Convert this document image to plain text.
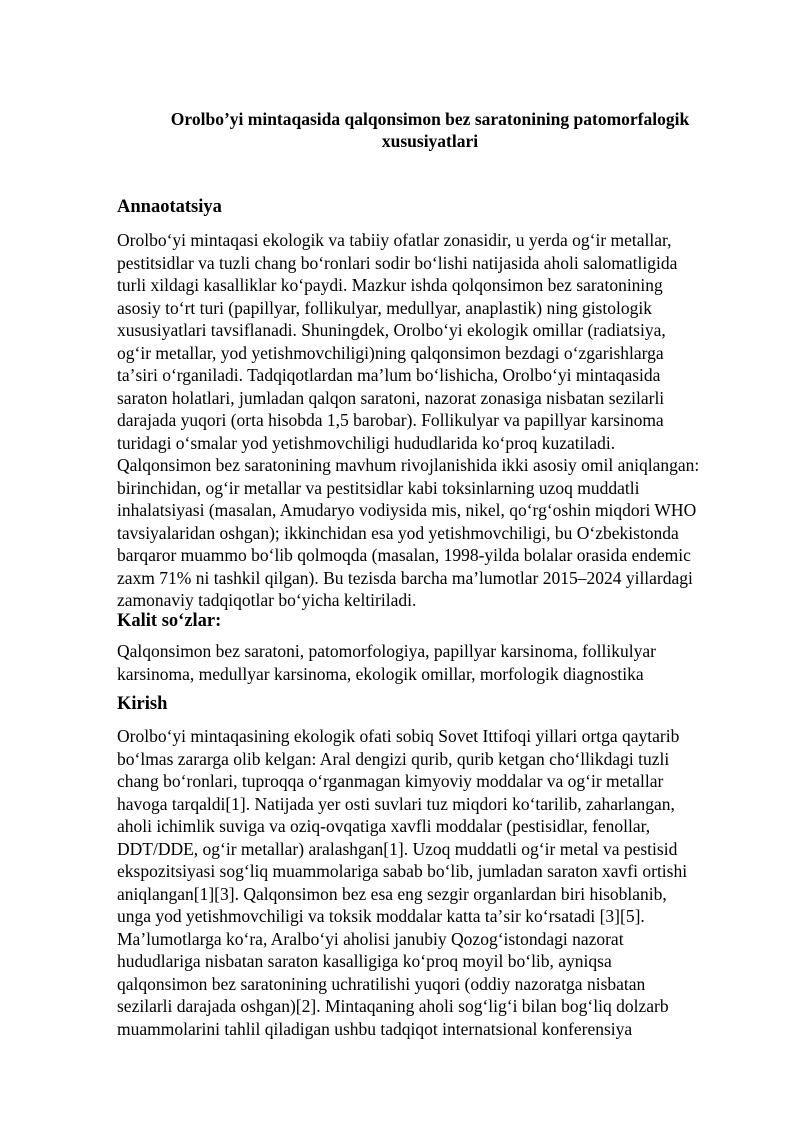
Orolbo’yi mintaqasida qalqonsimon bez saratonining patomorfalogik
xususiyatlari
Annaotatsiya
Orolboʻyi mintaqasi ekologik va tabiiy ofatlar zonasidir, u yerda ogʻir metallar,
pestitsidlar va tuzli chang boʻronlari sodir boʻlishi natijasida aholi salomatligida
turli xildagi kasalliklar koʻpaydi. Mazkur ishda qolqonsimon bez saratonining
asosiy toʻrt turi (papillyar, follikulyar, medullyar, anaplastik) ning gistologik
xususiyatlari tavsiflanadi. Shuningdek, Orolboʻyi ekologik omillar (radiatsiya,
ogʻir metallar, yod yetishmovchiligi)ning qalqonsimon bezdagi oʻzgarishlarga
taʼsiri oʻrganiladi. Tadqiqotlardan maʼlum boʻlishicha, Orolboʻyi mintaqasida
saraton holatlari, jumladan qalqon saratoni, nazorat zonasiga nisbatan sezilarli
darajada yuqori (orta hisobda 1,5 barobar). Follikulyar va papillyar karsinoma
turidagi oʻsmalar yod yetishmovchiligi hududlarida koʻproq kuzatiladi.
Qalqonsimon bez saratonining mavhum rivojlanishida ikki asosiy omil aniqlangan:
birinchidan, ogʻir metallar va pestitsidlar kabi toksinlarning uzoq muddatli
inhalatsiyasi (masalan, Amudaryo vodiysida mis, nikel, qoʻrgʻoshin miqdori WHO
tavsiyalaridan oshgan); ikkinchidan esa yod yetishmovchiligi, bu Oʻzbekistonda
barqaror muammo boʻlib qolmoqda (masalan, 1998-yilda bolalar orasida endemic
zaxm 71% ni tashkil qilgan). Bu tezisda barcha maʼlumotlar 2015–2024 yillardagi
zamonaviy tadqiqotlar boʻyicha keltiriladi.
Kalit soʻzlar:
Qalqonsimon bez saratoni, patomorfologiya, papillyar karsinoma, follikulyar
karsinoma, medullyar karsinoma, ekologik omillar, morfologik diagnostika
Kirish
Orolboʻyi mintaqasining ekologik ofati sobiq Sovet Ittifoqi yillari ortga qaytarib
boʻlmas zararga olib kelgan: Aral dengizi qurib, qurib ketgan choʻllikdagi tuzli
chang boʻronlari, tuproqqa oʻrganmagan kimyoviy moddalar va ogʻir metallar
havoga tarqaldi[1]. Natijada yer osti suvlari tuz miqdori koʻtarilib, zaharlangan,
aholi ichimlik suviga va oziq-ovqatiga xavfli moddalar (pestisidlar, fenollar,
DDT/DDE, ogʻir metallar) aralashgan[1]. Uzoq muddatli ogʻir metal va pestisid
ekspozitsiyasi sogʻliq muammolariga sabab boʻlib, jumladan saraton xavfi ortishi
aniqlangan[1][3]. Qalqonsimon bez esa eng sezgir organlardan biri hisoblanib,
unga yod yetishmovchiligi va toksik moddalar katta taʼsir koʻrsatadi [3][5].
Maʼlumotlarga koʻra, Aralboʻyi aholisi janubiy Qozogʻistondagi nazorat
hududlariga nisbatan saraton kasalligiga koʻproq moyil boʻlib, ayniqsa
qalqonsimon bez saratonining uchratilishi yuqori (oddiy nazoratga nisbatan
sezilarli darajada oshgan)[2]. Mintaqaning aholi sogʻligʻi bilan bogʻliq dolzarb
muammolarini tahlil qiladigan ushbu tadqiqot internatsional konferensiya
